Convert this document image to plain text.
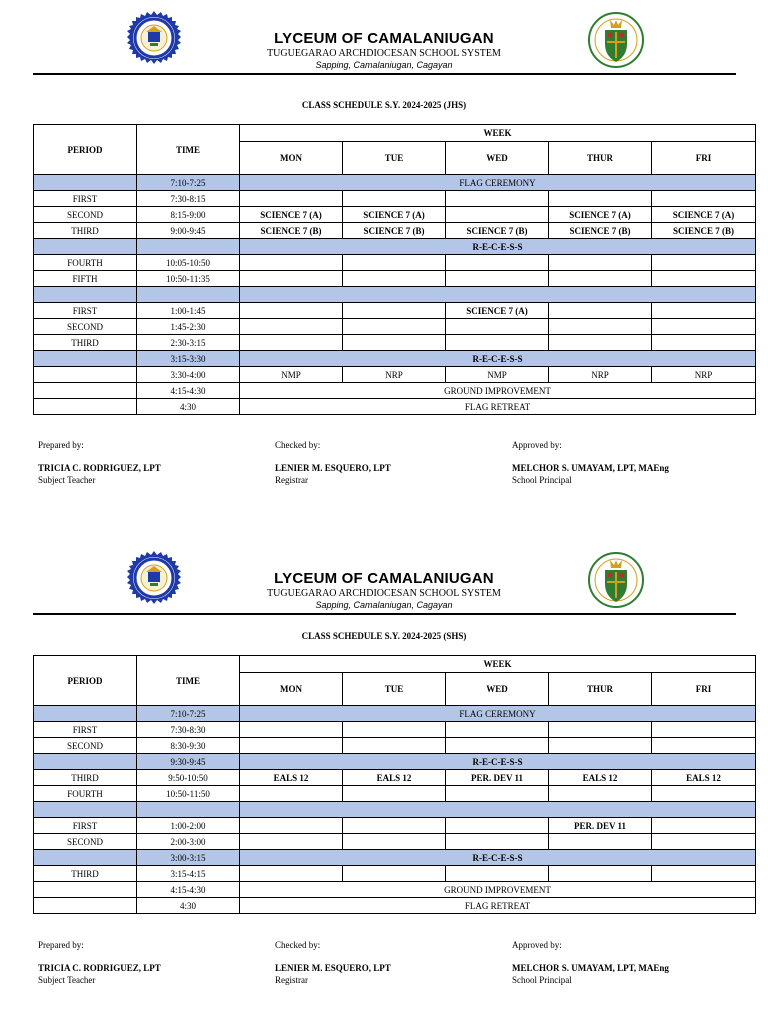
LYCEUM OF CAMALANIUGAN
TUGUEGARAO ARCHDIOCESAN SCHOOL SYSTEM
Sapping, Camalaniugan, Cagayan
CLASS SCHEDULE S.Y. 2024-2025 (JHS)
PERIOD	TIME	WEEK				
		MON	TUE	WED	THUR	FRI
	7:10-7:25	FLAG CEREMONY				
FIRST	7:30-8:15					
SECOND	8:15-9:00	SCIENCE 7 (A)	SCIENCE 7 (A)		SCIENCE 7 (A)	SCIENCE 7 (A)
THIRD	9:00-9:45	SCIENCE 7 (B)	SCIENCE 7 (B)	SCIENCE 7 (B)	SCIENCE 7 (B)	SCIENCE 7 (B)
		R-E-C-E-S-S				
FOURTH	10:05-10:50					
FIFTH	10:50-11:35					

FIRST	1:00-1:45			SCIENCE 7 (A)		
SECOND	1:45-2:30					
THIRD	2:30-3:15					
	3:15-3:30	R-E-C-E-S-S				
	3:30-4:00	NMP	NRP	NMP	NRP	NRP
	4:15-4:30	GROUND IMPROVEMENT				
	4:30	FLAG RETREAT				
Prepared by:
TRICIA C. RODRIGUEZ, LPT
Subject Teacher
Checked by:
LENIER M. ESQUERO, LPT
Registrar
Approved by:
MELCHOR S. UMAYAM, LPT, MAEng
School Principal
LYCEUM OF CAMALANIUGAN
TUGUEGARAO ARCHDIOCESAN SCHOOL SYSTEM
Sapping, Camalaniugan, Cagayan
CLASS SCHEDULE S.Y. 2024-2025 (SHS)
PERIOD	TIME	WEEK				
		MON	TUE	WED	THUR	FRI
	7:10-7:25	FLAG CEREMONY				
FIRST	7:30-8:30					
SECOND	8:30-9:30					
	9:30-9:45	R-E-C-E-S-S				
THIRD	9:50-10:50	EALS 12	EALS 12	PER. DEV 11	EALS 12	EALS 12
FOURTH	10:50-11:50					

FIRST	1:00-2:00				PER. DEV 11	
SECOND	2:00-3:00					
	3:00-3:15	R-E-C-E-S-S				
THIRD	3:15-4:15					
	4:15-4:30	GROUND IMPROVEMENT				
	4:30	FLAG RETREAT				
Prepared by:
TRICIA C. RODRIGUEZ, LPT
Subject Teacher
Checked by:
LENIER M. ESQUERO, LPT
Registrar
Approved by:
MELCHOR S. UMAYAM, LPT, MAEng
School Principal
